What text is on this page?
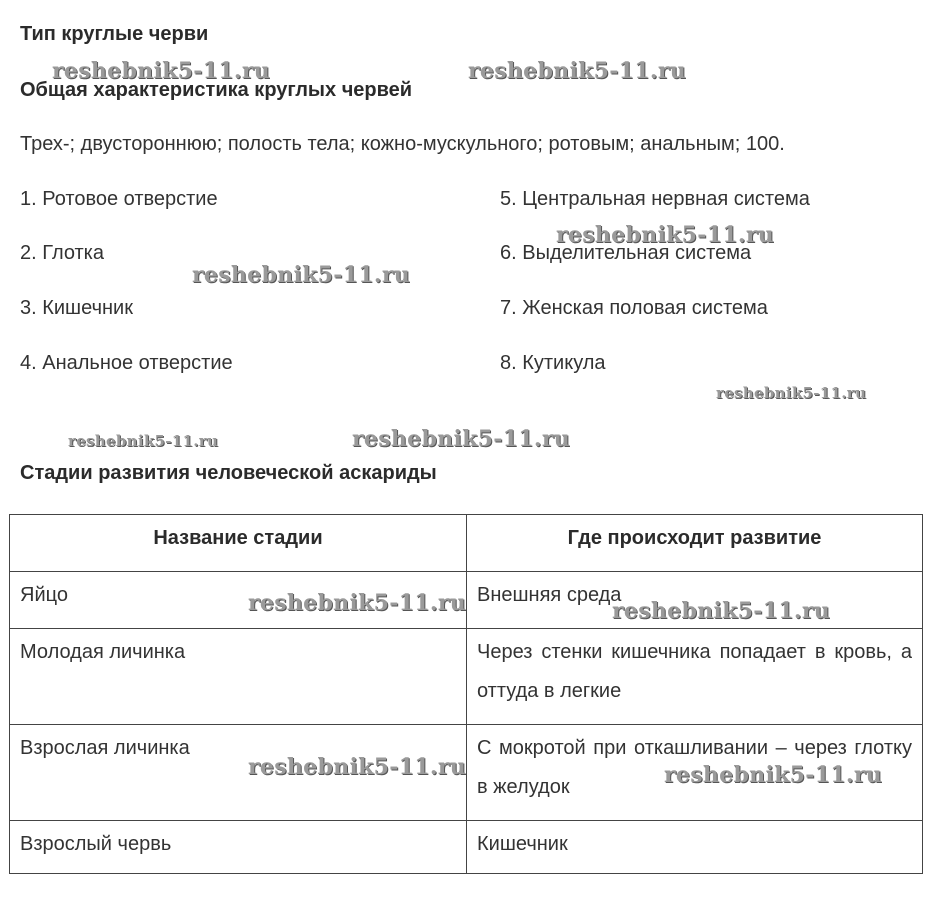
Тип круглые черви
Общая характеристика круглых червей
Трех-; двустороннюю; полость тела; кожно-мускульного; ротовым; анальным; 100.
1. Ротовое отверстие
2. Глотка
3. Кишечник
4. Анальное отверстие
5. Центральная нервная система
6. Выделительная система
7. Женская половая система
8. Кутикула
Стадии развития человеческой аскариды
Название стадии	Где происходит развитие
Яйцо	Внешняя среда
Молодая личинка	Через стенки кишечника попадает в кровь, а оттуда в легкие
Взрослая личинка	С мокротой при откашливании – через глотку в желудок
Взрослый червь	Кишечник
reshebnik5-11.ru	reshebnik5-11.ru
reshebnik5-11.ru
reshebnik5-11.ru
reshebnik5-11.ru
reshebnik5-11.ru	reshebnik5-11.ru
reshebnik5-11.ru	reshebnik5-11.ru
reshebnik5-11.ru	reshebnik5-11.ru
